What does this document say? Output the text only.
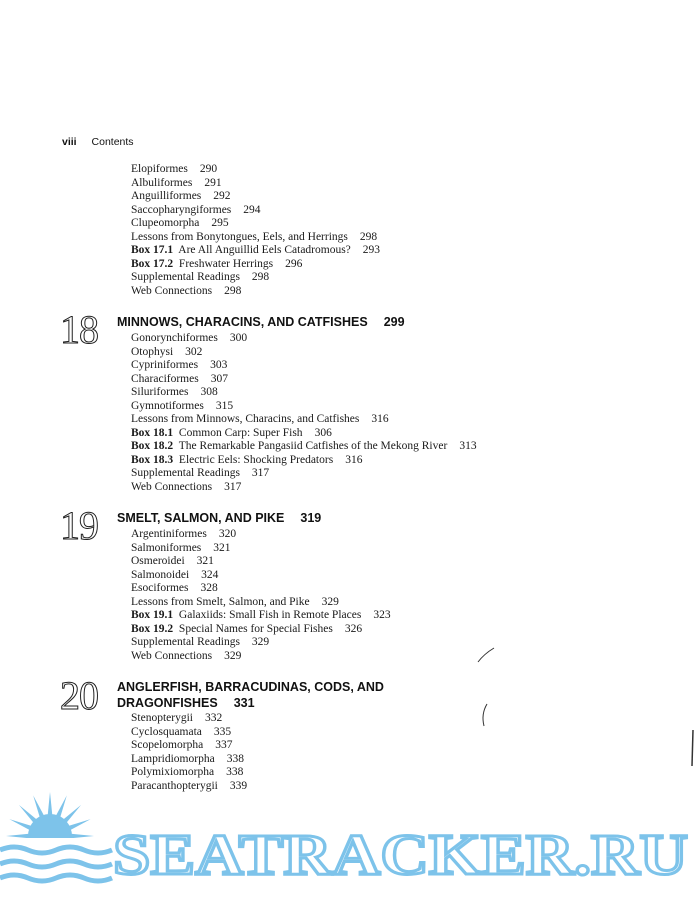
viii Contents
Elopiformes 290
Albuliformes 291
Anguilliformes 292
Saccopharyngiformes 294
Clupeomorpha 295
Lessons from Bonytongues, Eels, and Herrings 298
Box 17.1 Are All Anguillid Eels Catadromous? 293
Box 17.2 Freshwater Herrings 296
Supplemental Readings 298
Web Connections 298
18 MINNOWS, CHARACINS, AND CATFISHES 299
Gonorynchiformes 300
Otophysi 302
Cypriniformes 303
Characiformes 307
Siluriformes 308
Gymnotiformes 315
Lessons from Minnows, Characins, and Catfishes 316
Box 18.1 Common Carp: Super Fish 306
Box 18.2 The Remarkable Pangasiid Catfishes of the Mekong River 313
Box 18.3 Electric Eels: Shocking Predators 316
Supplemental Readings 317
Web Connections 317
19 SMELT, SALMON, AND PIKE 319
Argentiniformes 320
Salmoniformes 321
Osmeroidei 321
Salmonoidei 324
Esociformes 328
Lessons from Smelt, Salmon, and Pike 329
Box 19.1 Galaxiids: Small Fish in Remote Places 323
Box 19.2 Special Names for Special Fishes 326
Supplemental Readings 329
Web Connections 329
20 ANGLERFISH, BARRACUDINAS, CODS, AND
DRAGONFISHES 331
Stenopterygii 332
Cyclosquamata 335
Scopelomorpha 337
Lampridiomorpha 338
Polymixiomorpha 338
Paracanthopterygii 339
SEATRACKER.RU
